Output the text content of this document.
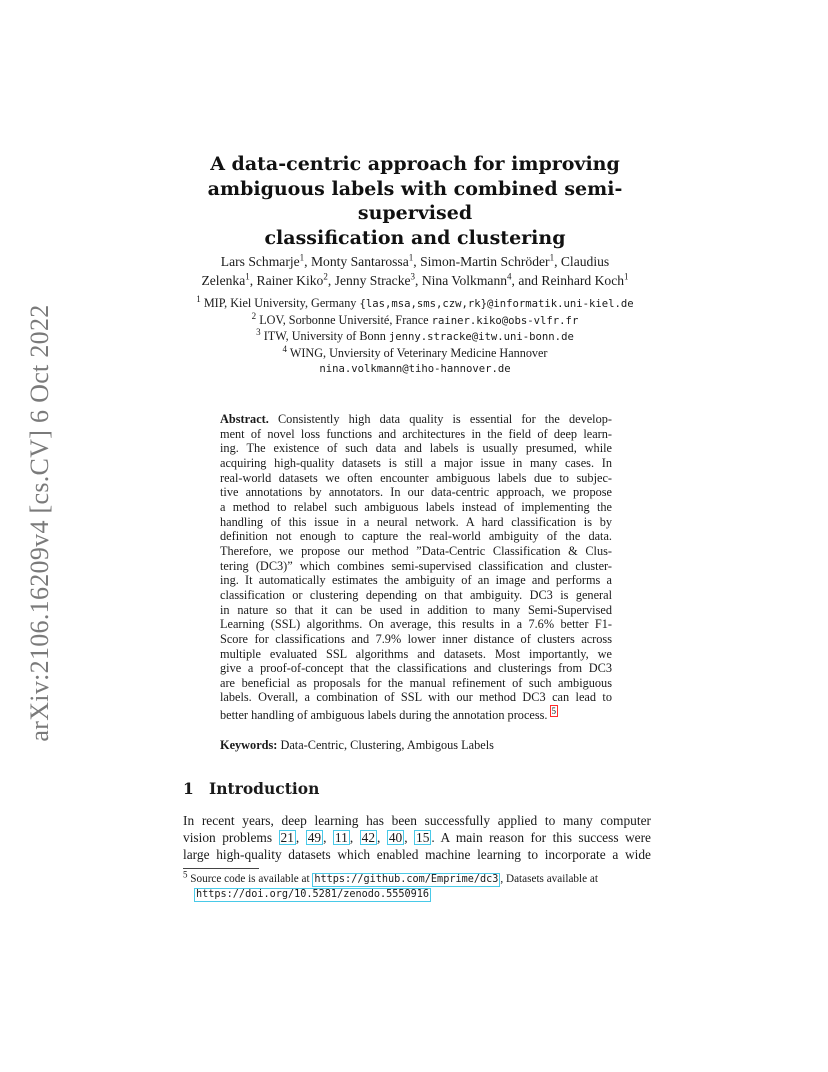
arXiv:2106.16209v4 [cs.CV] 6 Oct 2022
A data-centric approach for improving
ambiguous labels with combined semi-supervised
classification and clustering
Lars Schmarje$^1$, Monty Santarossa$^1$, Simon-Martin Schröder$^1$, Claudius
Zelenka$^1$, Rainer Kiko$^2$, Jenny Stracke$^3$, Nina Volkmann$^4$, and Reinhard Koch$^1$
$^1$ MIP, Kiel University, Germany {las,msa,sms,czw,rk}@informatik.uni-kiel.de
$^2$ LOV, Sorbonne Université, France rainer.kiko@obs-vlfr.fr
$^3$ ITW, University of Bonn jenny.stracke@itw.uni-bonn.de
$^4$ WING, Unviersity of Veterinary Medicine Hannover
nina.volkmann@tiho-hannover.de
Abstract. Consistently high data quality is essential for the develop-
ment of novel loss functions and architectures in the field of deep learn-
ing. The existence of such data and labels is usually presumed, while
acquiring high-quality datasets is still a major issue in many cases. In
real-world datasets we often encounter ambiguous labels due to subjec-
tive annotations by annotators. In our data-centric approach, we propose
a method to relabel such ambiguous labels instead of implementing the
handling of this issue in a neural network. A hard classification is by
definition not enough to capture the real-world ambiguity of the data.
Therefore, we propose our method ”Data-Centric Classification & Clus-
tering (DC3)” which combines semi-supervised classification and cluster-
ing. It automatically estimates the ambiguity of an image and performs a
classification or clustering depending on that ambiguity. DC3 is general
in nature so that it can be used in addition to many Semi-Supervised
Learning (SSL) algorithms. On average, this results in a 7.6% better F1-
Score for classifications and 7.9% lower inner distance of clusters across
multiple evaluated SSL algorithms and datasets. Most importantly, we
give a proof-of-concept that the classifications and clusterings from DC3
are beneficial as proposals for the manual refinement of such ambiguous
labels. Overall, a combination of SSL with our method DC3 can lead to
better handling of ambiguous labels during the annotation process. 5
Keywords: Data-Centric, Clustering, Ambigous Labels
1 Introduction
In recent years, deep learning has been successfully applied to many computer
vision problems 21 , 49 , 11 , 42 , 40 , 15 . A main reason for this success were
large high-quality datasets which enabled machine learning to incorporate a wide
$^5$ Source code is available at https://github.com/Emprime/dc3 , Datasets available at
https://doi.org/10.5281/zenodo.5550916
